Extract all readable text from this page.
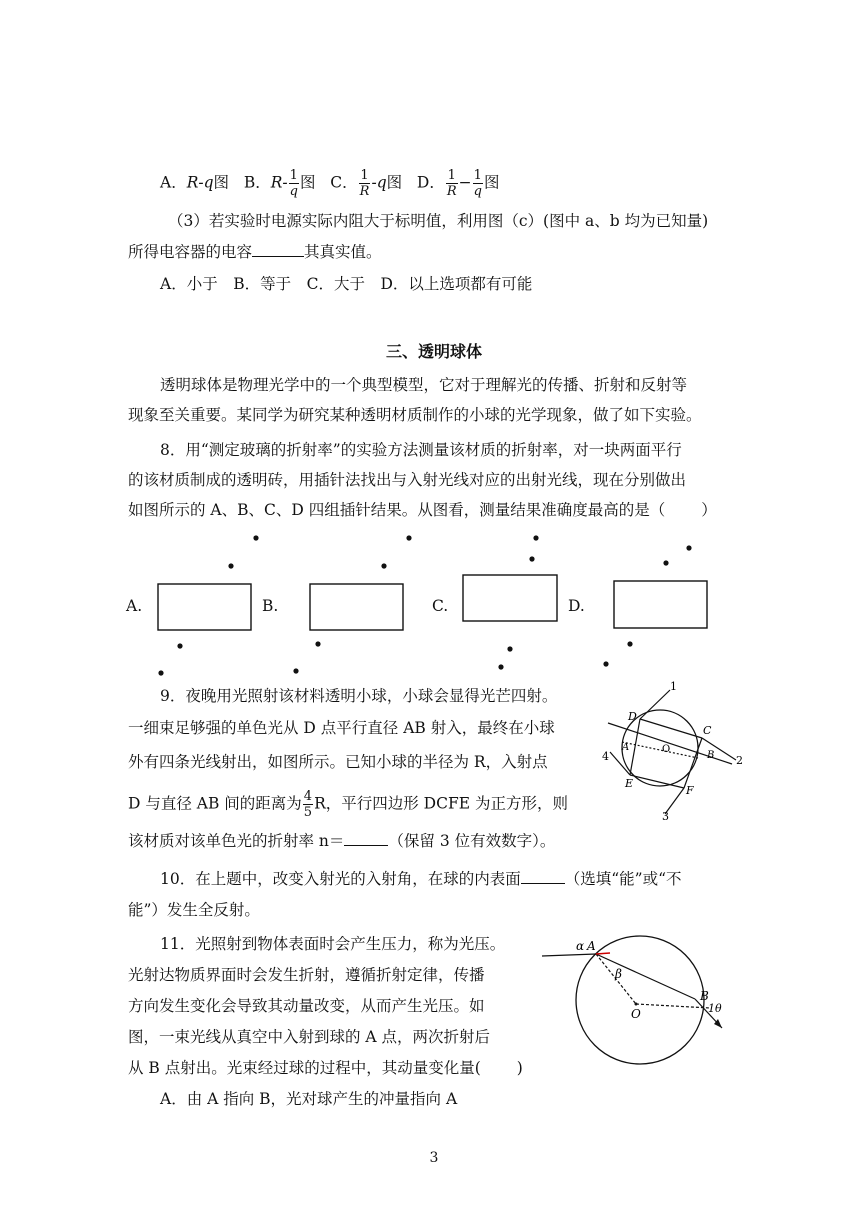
A．R-q图 B．$R- \frac{1}{q}$ 图 C． $\frac{1}{R} -q$图 D． $\frac{1}{R} - \frac{1}{q}$ 图
（3）若实验时电源实际内阻大于标明值，利用图（c）(图中 a、b 均为已知量)
所得电容器的电容	其真实值。
A．小于　B．等于　C．大于　D．以上选项都有可能
三、透明球体
透明球体是物理光学中的一个典型模型，它对于理解光的传播、折射和反射等
现象至关重要。某同学为研究某种透明材质制作的小球的光学现象，做了如下实验。
8．用“测定玻璃的折射率”的实验方法测量该材质的折射率，对一块两面平行
的该材质制成的透明砖，用插针法找出与入射光线对应的出射光线，现在分别做出
如图所示的 A、B、C、D 四组插针结果。从图看，测量结果准确度最高的是（ ）
A.	B.	C.	D.
9．夜晚用光照射该材料透明小球，小球会显得光芒四射。
一细束足够强的单色光从 D 点平行直径 AB 射入，最终在小球
外有四条光线射出，如图所示。已知小球的半径为 R，入射点
D 与直径 AB 间的距离为 $\frac{4}{5}$ R，平行四边形 DCFE 为正方形，则
该材质对该单色光的折射率 n＝	（保留 3 位有效数字）。
1
2
3
4
D
C
A
B
E
F
O
10．在上题中，改变入射光的入射角，在球的内表面	（选填“能”或“不
能”）发生全反射。
11．光照射到物体表面时会产生压力，称为光压。
光射达物质界面时会发生折射，遵循折射定律，传播
方向发生变化会导致其动量改变，从而产生光压。如
图，一束光线从真空中入射到球的 A 点，两次折射后
从 B 点射出。光束经过球的过程中，其动量变化量( )
A．由 A 指向 B，光对球产生的冲量指向 A
α A
β
O
B
1θ
3
